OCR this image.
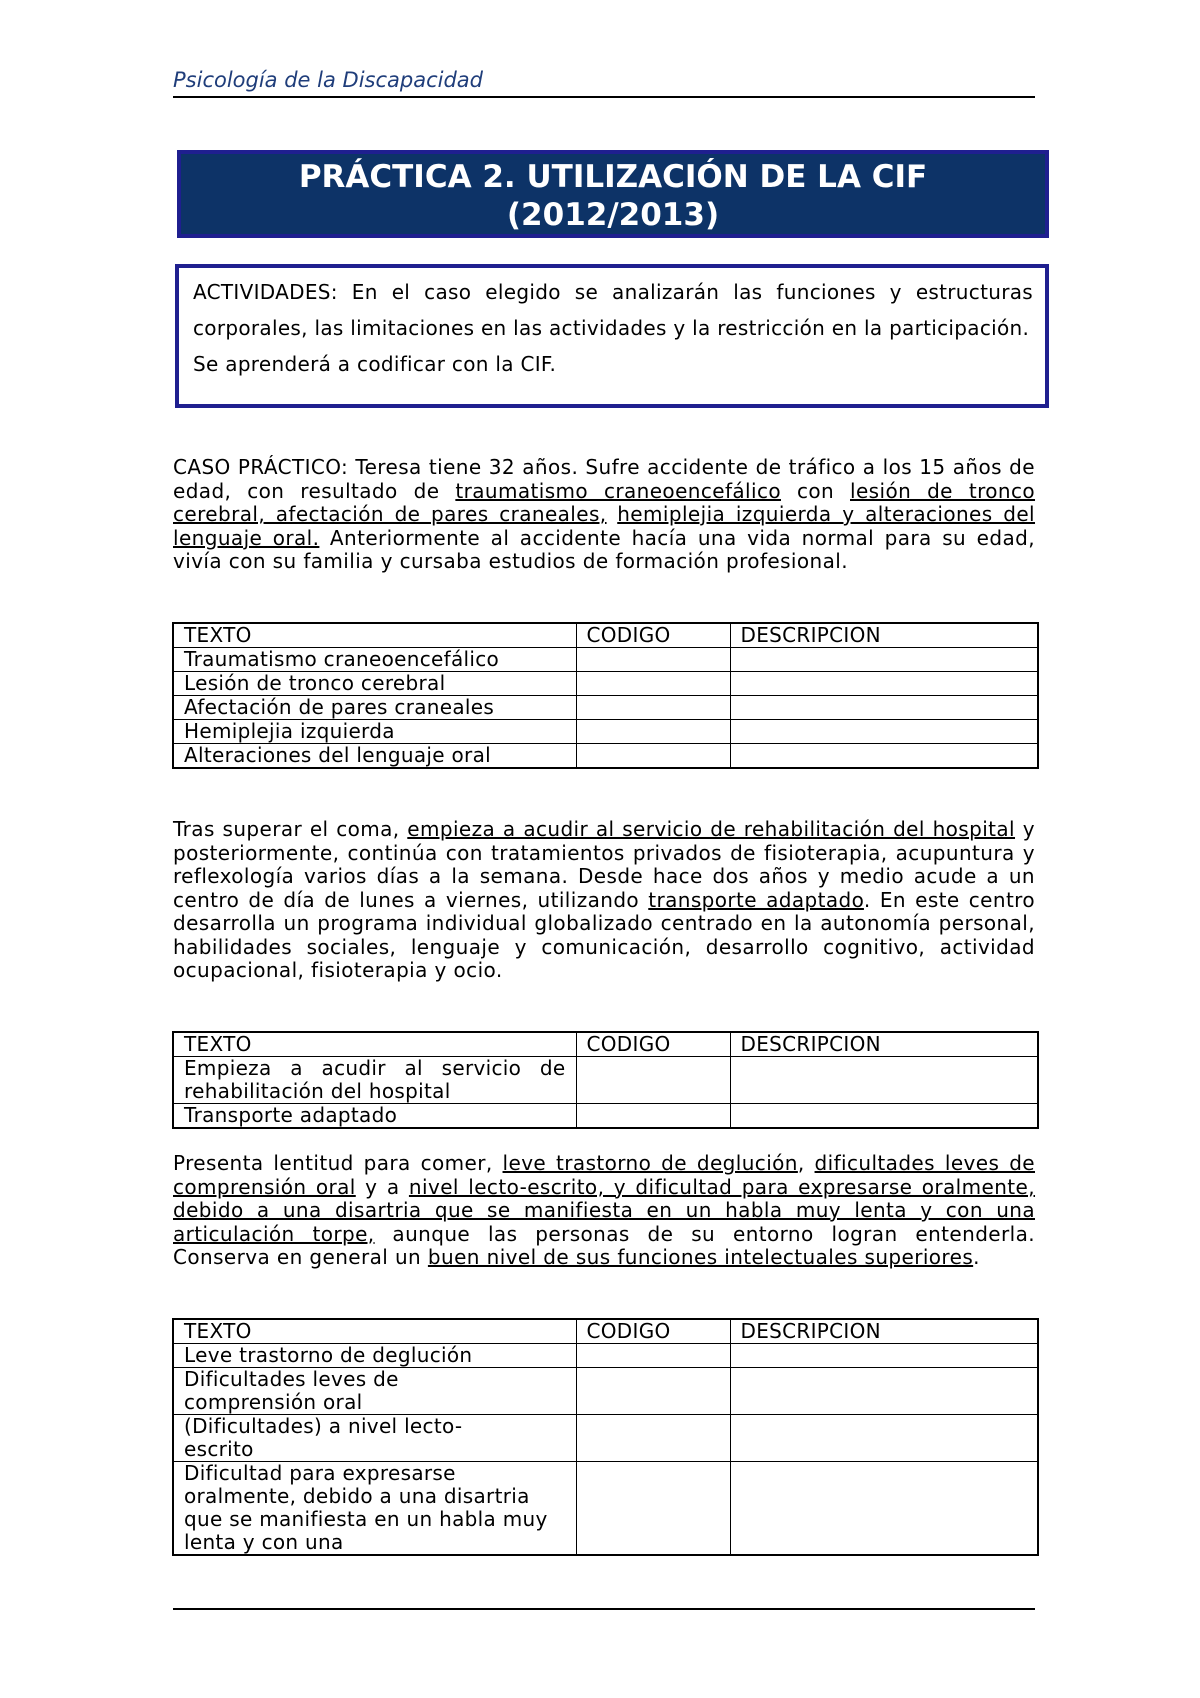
Psicología de la Discapacidad
PRÁCTICA 2. UTILIZACIÓN DE LA CIF
(2012/2013)
ACTIVIDADES: En el caso elegido se analizarán las funciones y estructuras corporales, las limitaciones en las actividades y la restricción en la participación.
Se aprenderá a codificar con la CIF.
CASO PRÁCTICO: Teresa tiene 32 años. Sufre accidente de tráfico a los 15 años de edad, con resultado de traumatismo craneoencefálico con lesión de tronco cerebral, afectación de pares craneales, hemiplejia izquierda y alteraciones del lenguaje oral. Anteriormente al accidente hacía una vida normal para su edad, vivía con su familia y cursaba estudios de formación profesional.
TEXTO	CODIGO	DESCRIPCION
Traumatismo craneoencefálico		
Lesión de tronco cerebral		
Afectación de pares craneales		
Hemiplejia izquierda		
Alteraciones del lenguaje oral		
Tras superar el coma, empieza a acudir al servicio de rehabilitación del hospital y posteriormente, continúa con tratamientos privados de fisioterapia, acupuntura y reflexología varios días a la semana. Desde hace dos años y medio acude a un centro de día de lunes a viernes, utilizando transporte adaptado. En este centro desarrolla un programa individual globalizado centrado en la autonomía personal, habilidades sociales, lenguaje y comunicación, desarrollo cognitivo, actividad ocupacional, fisioterapia y ocio.
TEXTO	CODIGO	DESCRIPCION
Empieza a acudir al servicio de rehabilitación del hospital		
Transporte adaptado		
Presenta lentitud para comer, leve trastorno de deglución, dificultades leves de comprensión oral y a nivel lecto-escrito, y dificultad para expresarse oralmente, debido a una disartria que se manifiesta en un habla muy lenta y con una articulación torpe, aunque las personas de su entorno logran entenderla. Conserva en general un buen nivel de sus funciones intelectuales superiores.
TEXTO	CODIGO	DESCRIPCION
Leve trastorno de deglución		
Dificultades leves de comprensión oral		
(Dificultades) a nivel lecto-escrito		
Dificultad para expresarse oralmente, debido a una disartria que se manifiesta en un habla muy lenta y con una		
